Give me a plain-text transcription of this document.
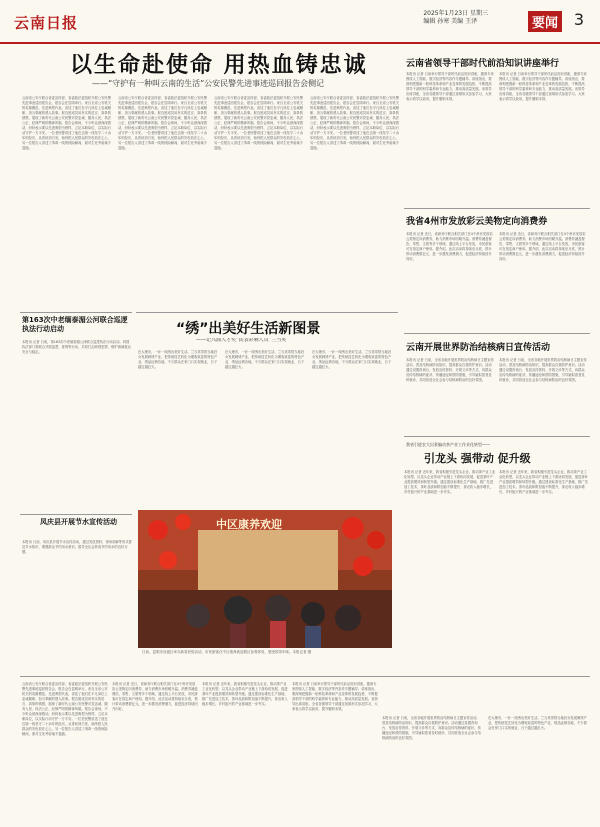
云南日报
2025年1月23日 星期三
编辑 孙寒 美编 王泽	要闻 3
以生命赴使命 用热血铸忠诚
——“守护有一种叫云南的生活”公安民警先进事迹巡回报告会侧记
云南省公安厅联合省委宣传部、省委政法委组织开展公安民警先进事迹巡回报告会，报告会在昆明举行。来自全省公安机关的英雄模范、先进典型代表，讲述了他们在平凡岗位上忠诚履职、担当奉献的感人故事。报告团成员用朴实的语言、真挚的情感，展现了新时代云南公安民警对党忠诚、服务人民、执法公正、纪律严明的精神风貌。报告会现场，不少听众被深深感动，纷纷表示要以先进典型为榜样，立足本职岗位，以实际行动守护一方平安。一位老民警讲述了他在边境一线坚守二十余年的经历，从青丝到白发，始终把人民群众的安危放在心上。另一位报告人讲述了缉毒一线的惊险瞬间，面对生死考验毫不退缩。
云南省公安厅联合省委宣传部、省委政法委组织开展公安民警先进事迹巡回报告会，报告会在昆明举行。来自全省公安机关的英雄模范、先进典型代表，讲述了他们在平凡岗位上忠诚履职、担当奉献的感人故事。报告团成员用朴实的语言、真挚的情感，展现了新时代云南公安民警对党忠诚、服务人民、执法公正、纪律严明的精神风貌。报告会现场，不少听众被深深感动，纷纷表示要以先进典型为榜样，立足本职岗位，以实际行动守护一方平安。一位老民警讲述了他在边境一线坚守二十余年的经历，从青丝到白发，始终把人民群众的安危放在心上。另一位报告人讲述了缉毒一线的惊险瞬间，面对生死考验毫不退缩。
云南省公安厅联合省委宣传部、省委政法委组织开展公安民警先进事迹巡回报告会，报告会在昆明举行。来自全省公安机关的英雄模范、先进典型代表，讲述了他们在平凡岗位上忠诚履职、担当奉献的感人故事。报告团成员用朴实的语言、真挚的情感，展现了新时代云南公安民警对党忠诚、服务人民、执法公正、纪律严明的精神风貌。报告会现场，不少听众被深深感动，纷纷表示要以先进典型为榜样，立足本职岗位，以实际行动守护一方平安。一位老民警讲述了他在边境一线坚守二十余年的经历，从青丝到白发，始终把人民群众的安危放在心上。另一位报告人讲述了缉毒一线的惊险瞬间，面对生死考验毫不退缩。
云南省公安厅联合省委宣传部、省委政法委组织开展公安民警先进事迹巡回报告会，报告会在昆明举行。来自全省公安机关的英雄模范、先进典型代表，讲述了他们在平凡岗位上忠诚履职、担当奉献的感人故事。报告团成员用朴实的语言、真挚的情感，展现了新时代云南公安民警对党忠诚、服务人民、执法公正、纪律严明的精神风貌。报告会现场，不少听众被深深感动，纷纷表示要以先进典型为榜样，立足本职岗位，以实际行动守护一方平安。一位老民警讲述了他在边境一线坚守二十余年的经历，从青丝到白发，始终把人民群众的安危放在心上。另一位报告人讲述了缉毒一线的惊险瞬间，面对生死考验毫不退缩。
云南省领导干部时代前沿知识讲座举行
本报讯 记者 日前举行领导干部时代前沿知识讲座，邀请专家围绕人工智能、数字经济等内容作专题辅导。讲座指出，要深刻把握新一轮科技革命和产业变革的发展趋势，不断提高领导干部的科学素养和专业能力，推动高质量发展。省领导出席讲座，全省各级领导干部通过视频形式参加学习，大家表示将学以致用，提升履职本领。
本报讯 记者 日前举行领导干部时代前沿知识讲座，邀请专家围绕人工智能、数字经济等内容作专题辅导。讲座指出，要深刻把握新一轮科技革命和产业变革的发展趋势，不断提高领导干部的科学素养和专业能力，推动高质量发展。省领导出席讲座，全省各级领导干部通过视频形式参加学习，大家表示将学以致用，提升履职本领。
我省4州市发放彩云美物定向消费券
本报讯 记者 近日，省商务厅联合相关部门在4个州市发放彩云美物定向消费券，助力消费市场回暖升温。消费券涵盖餐饮、零售、文旅等多个领域，通过线上平台发放，市民游客可在指定商户使用。据介绍，此次活动将持续至月底，预计带动消费数亿元，进一步激发消费潜力，促进经济持续回升向好。
本报讯 记者 近日，省商务厅联合相关部门在4个州市发放彩云美物定向消费券，助力消费市场回暖升温。消费券涵盖餐饮、零售、文旅等多个领域，通过线上平台发放，市民游客可在指定商户使用。据介绍，此次活动将持续至月底，预计带动消费数亿元，进一步激发消费潜力，促进经济持续回升向好。
云南开展世界防治结核病日宣传活动
本报讯 记者 日前，全省各地开展世界防治结核病日主题宣传活动，普及结核病防治知识，提高群众自我防护意识。活动通过设置咨询台、发放宣传资料、开展义诊等方式，向群众宣传结核病的症状、传播途径和预防措施，引导疑似患者及时就诊，共同营造全社会参与结核病防治的良好氛围。
本报讯 记者 日前，全省各地开展世界防治结核病日主题宣传活动，普及结核病防治知识，提高群众自我防护意识。活动通过设置咨询台、发放宣传资料、开展义诊等方式，向群众宣传结核病的症状、传播途径和预防措施，引导疑似患者及时就诊，共同营造全社会参与结核病防治的良好氛围。
我省引进农大出景编动茶产业工作业化转型——
引龙头 强带动 促升级
本报讯 记者 近年来，我省积极引进龙头企业，推动茶产业工业化转型，以龙头企业带动产业链上下游协同发展，促进茶叶产业提质增效和转型升级。通过建设标准化生产基地、推广先进加工技术，茶叶品质和附加值不断提升，茶农收入稳步增长，乡村振兴的产业基础进一步夯实。
本报讯 记者 近年来，我省积极引进龙头企业，推动茶产业工业化转型，以龙头企业带动产业链上下游协同发展，促进茶叶产业提质增效和转型升级。通过建设标准化生产基地、推广先进加工技术，茶叶品质和附加值不断提升，茶农收入稳步增长，乡村振兴的产业基础进一步夯实。
第163次中老缅泰湄公河联合巡逻执法行动启动
本报讯 记者 日前，第163次中老缅泰湄公河联合巡逻执法行动启动。四国执法部门将联合开展巡逻、查缉等行动，共同打击跨国犯罪，维护流域航运安全与稳定。
凤庆县开展节水宣传活动
本报讯 日前，凤庆县开展节水宣传活动，通过发放资料、现场讲解等形式普及节水知识，增强群众节约用水意识，倡导全社会养成节约用水的良好习惯。
“绣”出美好生活新图景
——记兴浦人才奖“民表彩刺人员”兰当英
在大理市，一针一线绣出美好生活。兰当英带领当地妇女发展刺绣产业，把传统技艺转化为增收致富的特色产业，绣品远销各地，不少群众在家门口实现就业，日子越过越红火。
在大理市，一针一线绣出美好生活。兰当英带领当地妇女发展刺绣产业，把传统技艺转化为增收致富的特色产业，绣品远销各地，不少群众在家门口实现就业，日子越过越红火。
在大理市，一针一线绣出美好生活。兰当英带领当地妇女发展刺绣产业，把传统技艺转化为增收致富的特色产业，绣品远销各地，不少群众在家门口实现就业，日子越过越红火。
中区康养欢迎
日前，昆明市官渡区举办新春民俗活动，市民游客在中区康养欢迎展区参观体验，感受浓浓年味。本报记者 摄
云南省公安厅联合省委宣传部、省委政法委组织开展公安民警先进事迹巡回报告会，报告会在昆明举行。来自全省公安机关的英雄模范、先进典型代表，讲述了他们在平凡岗位上忠诚履职、担当奉献的感人故事。报告团成员用朴实的语言、真挚的情感，展现了新时代云南公安民警对党忠诚、服务人民、执法公正、纪律严明的精神风貌。报告会现场，不少听众被深深感动，纷纷表示要以先进典型为榜样，立足本职岗位，以实际行动守护一方平安。一位老民警讲述了他在边境一线坚守二十余年的经历，从青丝到白发，始终把人民群众的安危放在心上。另一位报告人讲述了缉毒一线的惊险瞬间，面对生死考验毫不退缩。
本报讯 记者 近日，省商务厅联合相关部门在4个州市发放彩云美物定向消费券，助力消费市场回暖升温。消费券涵盖餐饮、零售、文旅等多个领域，通过线上平台发放，市民游客可在指定商户使用。据介绍，此次活动将持续至月底，预计带动消费数亿元，进一步激发消费潜力，促进经济持续回升向好。
本报讯 记者 近年来，我省积极引进龙头企业，推动茶产业工业化转型，以龙头企业带动产业链上下游协同发展，促进茶叶产业提质增效和转型升级。通过建设标准化生产基地、推广先进加工技术，茶叶品质和附加值不断提升，茶农收入稳步增长，乡村振兴的产业基础进一步夯实。
本报讯 记者 日前举行领导干部时代前沿知识讲座，邀请专家围绕人工智能、数字经济等内容作专题辅导。讲座指出，要深刻把握新一轮科技革命和产业变革的发展趋势，不断提高领导干部的科学素养和专业能力，推动高质量发展。省领导出席讲座，全省各级领导干部通过视频形式参加学习，大家表示将学以致用，提升履职本领。
本报讯 记者 日前，全省各地开展世界防治结核病日主题宣传活动，普及结核病防治知识，提高群众自我防护意识。活动通过设置咨询台、发放宣传资料、开展义诊等方式，向群众宣传结核病的症状、传播途径和预防措施，引导疑似患者及时就诊，共同营造全社会参与结核病防治的良好氛围。
在大理市，一针一线绣出美好生活。兰当英带领当地妇女发展刺绣产业，把传统技艺转化为增收致富的特色产业，绣品远销各地，不少群众在家门口实现就业，日子越过越红火。
